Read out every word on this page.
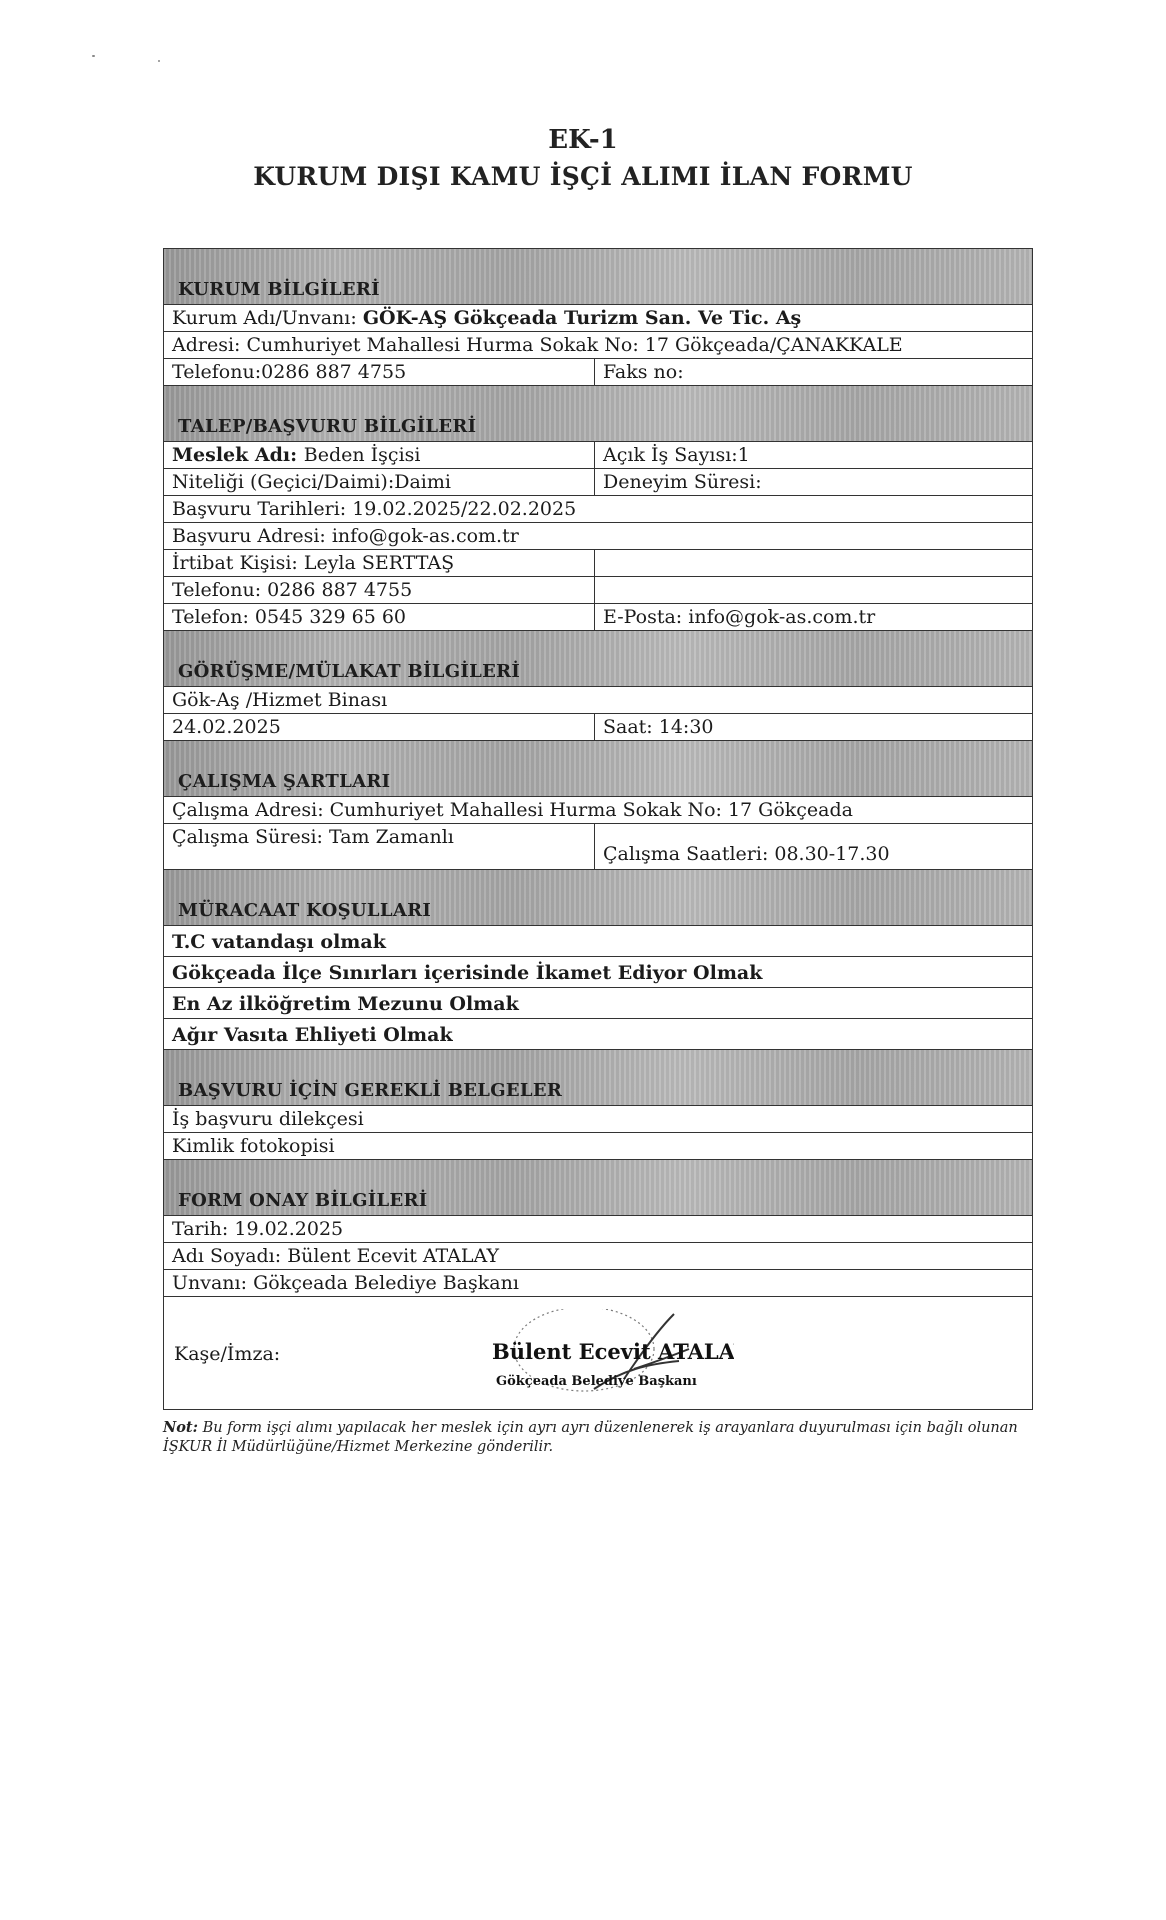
EK-1
KURUM DIŞI KAMU İŞÇİ ALIMI İLAN FORMU
KURUM BİLGİLERİ
Kurum Adı/Unvanı: GÖK-AŞ Gökçeada Turizm San. Ve Tic. Aş
Adresi: Cumhuriyet Mahallesi Hurma Sokak No: 17 Gökçeada/ÇANAKKALE
Telefonu:0286 887 4755	Faks no:
TALEP/BAŞVURU BİLGİLERİ
Meslek Adı: Beden İşçisi	Açık İş Sayısı:1
Niteliği (Geçici/Daimi):Daimi	Deneyim Süresi:
Başvuru Tarihleri: 19.02.2025/22.02.2025
Başvuru Adresi: info@gok-as.com.tr
İrtibat Kişisi: Leyla SERTTAŞ
Telefonu: 0286 887 4755
Telefon: 0545 329 65 60	E-Posta: info@gok-as.com.tr
GÖRÜŞME/MÜLAKAT BİLGİLERİ
Gök-Aş /Hizmet Binası
24.02.2025	Saat: 14:30
ÇALIŞMA ŞARTLARI
Çalışma Adresi: Cumhuriyet Mahallesi Hurma Sokak No: 17 Gökçeada
Çalışma Süresi: Tam Zamanlı
Çalışma Saatleri: 08.30-17.30
MÜRACAAT KOŞULLARI
T.C vatandaşı olmak
Gökçeada İlçe Sınırları içerisinde İkamet Ediyor Olmak
En Az ilköğretim Mezunu Olmak
Ağır Vasıta Ehliyeti Olmak
BAŞVURU İÇİN GEREKLİ BELGELER
İş başvuru dilekçesi
Kimlik fotokopisi
FORM ONAY BİLGİLERİ
Tarih: 19.02.2025
Adı Soyadı: Bülent Ecevit ATALAY
Unvanı: Gökçeada Belediye Başkanı
Kaşe/İmza:	Bülent Ecevit ATALAY
Gökçeada Belediye Başkanı
Not: Bu form işçi alımı yapılacak her meslek için ayrı ayrı düzenlenerek iş arayanlara duyurulması için bağlı olunan İŞKUR İl Müdürlüğüne/Hizmet Merkezine gönderilir.
